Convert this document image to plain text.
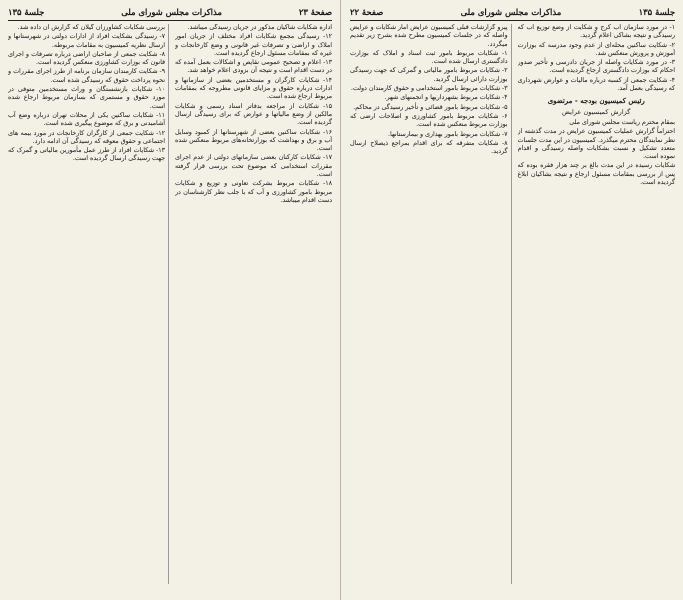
صفحهٔ ۲۳
مذاکرات مجلس شورای ملی
جلسهٔ ۱۳۵

اداره شکایات شاکیان مذکور در جریان رسیدگی میباشد.

۱۲- رسیدگی مجمع شکایات افراد مختلف از جریان امور املاک و اراضی و تصرفات غیر قانونی و وضع کارخانجات و غیره که بمقامات مسئول ارجاع گردیده است.

۱۳- اعلام و تصحیح عمومی نقایص و اشکالات بعمل آمده که در دست اقدام است و نتیجه آن بزودی اعلام خواهد شد.

۱۴- شکایات کارگران و مستخدمین بعضی از سازمانها و ادارات درباره حقوق و مزایای قانونی مطروحه که بمقامات مربوط ارجاع شده است.

۱۵- شکایات از مراجعه بدفاتر اسناد رسمی و شکایات مالکین از وضع مالیاتها و عوارض که برای رسیدگی ارسال گردیده است.

۱۶- شکایات ساکنین بعضی از شهرستانها از کمبود وسایل آب و برق و بهداشت که بوزارتخانه‌های مربوط منعکس شده است.

۱۷- شکایات کارکنان بعضی سازمانهای دولتی از عدم اجرای مقررات استخدامی که موضوع تحت بررسی قرار گرفته است.

۱۸- شکایات مربوط بشرکت تعاونی و توزیع و شکایات مربوط بامور کشاورزی و آب که با جلب نظر کارشناسان در دست اقدام میباشد.

بررسی شکایات کشاورزان گیلان که گزارش آن داده شد.

۷- رسیدگی بشکایت افراد از ادارات دولتی در شهرستانها و ارسال نظریه کمیسیون به مقامات مربوطه.

۸- شکایت جمعی از صاحبان اراضی درباره تصرفات و اجرای قانون که بوزارت کشاورزی منعکس گردیده است.

۹- شکایت کارمندان سازمان برنامه از طرز اجرای مقررات و نحوه پرداخت حقوق که رسیدگی شده است.

۱۰- شکایات بازنشستگان و وراث مستخدمین متوفی در مورد حقوق و مستمری که بسازمان مربوط ارجاع شده است.

۱۱- شکایات ساکنین یکی از محلات تهران درباره وضع آب آشامیدنی و برق که موضوع پیگیری شده است.

۱۲- شکایت جمعی از کارگران کارخانجات در مورد بیمه های اجتماعی و حقوق معوقه که رسیدگی آن ادامه دارد.

۱۳- شکایات افراد از طرز عمل مأمورین مالیاتی و گمرک که جهت رسیدگی ارسال گردیده است.

جلسهٔ ۱۳۵
مذاکرات مجلس شورای ملی
صفحهٔ ۲۲

۱- در مورد سازمان آب کرج و شکایت از وضع توزیع آب که رسیدگی و نتیجه بشاکی اعلام گردید.

۲- شکایت ساکنین محله‌ای از عدم وجود مدرسه که بوزارت آموزش و پرورش منعکس شد.

۳- در مورد شکایات واصله از جریان دادرسی و تأخیر صدور احکام که بوزارت دادگستری ارجاع گردیده است.

۴- شکایت جمعی از کسبه درباره مالیات و عوارض شهرداری که رسیدگی بعمل آمد.

رئیس کمیسیون بودجه - مرتضوی

گزارش کمیسیون عرایض

بمقام محترم ریاست مجلس شورای ملی

احتراماً گزارش عملیات کمیسیون عرایض در مدت گذشته از نظر نمایندگان محترم میگذرد. کمیسیون در این مدت جلسات متعدد تشکیل و نسبت بشکایات واصله رسیدگی و اقدام نموده است.

شکایات رسیده در این مدت بالغ بر چند هزار فقره بوده که پس از بررسی بمقامات مسئول ارجاع و نتیجه بشاکیان ابلاغ گردیده است.

پیرو گزارشات قبلی کمیسیون عرایض آمار شکایات و عرایض واصله که در جلسات کمیسیون مطرح شده بشرح زیر تقدیم میگردد.

۱- شکایات مربوط بامور ثبت اسناد و املاک که بوزارت دادگستری ارسال شده است.

۲- شکایات مربوط بامور مالیاتی و گمرکی که جهت رسیدگی بوزارت دارائی ارسال گردید.

۳- شکایات مربوط بامور استخدامی و حقوق کارمندان دولت.

۴- شکایات مربوط بشهرداریها و انجمنهای شهر.

۵- شکایات مربوط بامور قضائی و تأخیر رسیدگی در محاکم.

۶- شکایات مربوط بامور کشاورزی و اصلاحات ارضی که بوزارت مربوط منعکس شده است.

۷- شکایات مربوط بامور بهداری و بیمارستانها.

۸- شکایات متفرقه که برای اقدام بمراجع ذیصلاح ارسال گردید.
